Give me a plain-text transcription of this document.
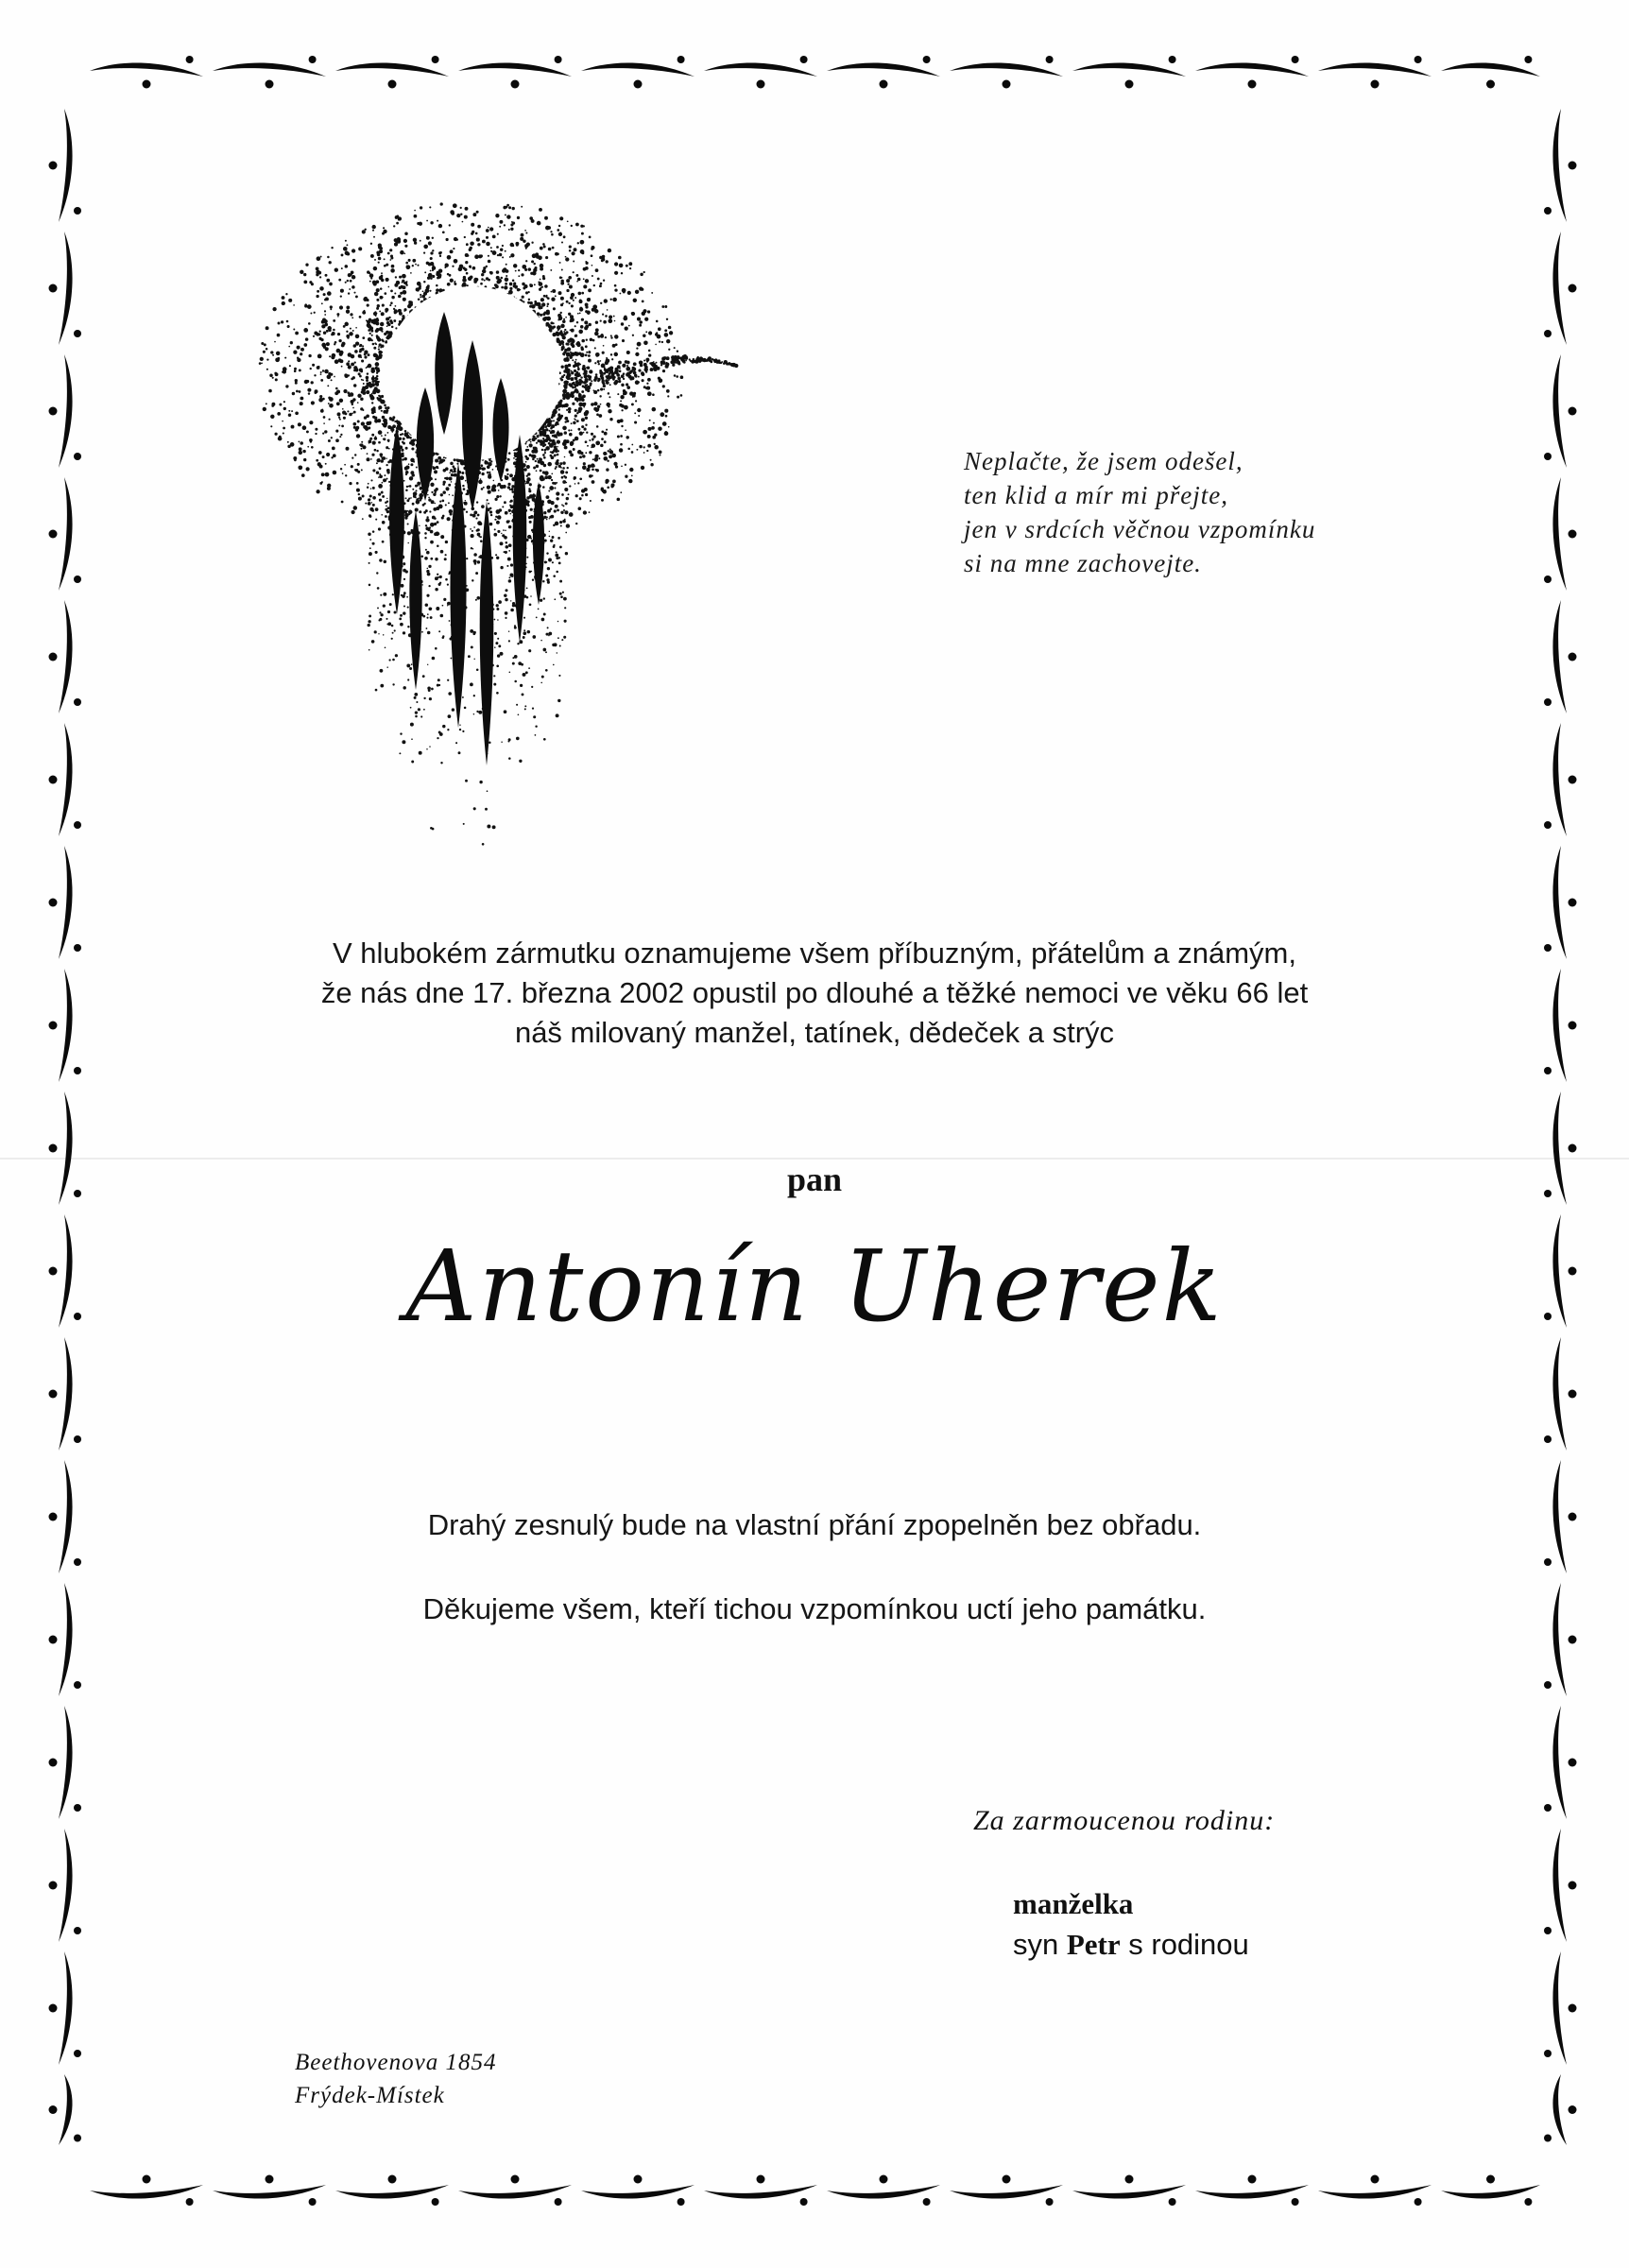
Neplačte, že jsem odešel,
ten klid a mír mi přejte,
jen v srdcích věčnou vzpomínku
si na mne zachovejte.
V hlubokém zármutku oznamujeme všem příbuzným, přátelům a známým,
že nás dne 17. března 2002 opustil po dlouhé a těžké nemoci ve věku 66 let
náš milovaný manžel, tatínek, dědeček a strýc
pan
Antonín Uherek
Drahý zesnulý bude na vlastní přání zpopelněn bez obřadu.
Děkujeme všem, kteří tichou vzpomínkou uctí jeho památku.
Za zarmoucenou rodinu:
manželka
syn Petr s rodinou
Beethovenova 1854
Frýdek-Místek
